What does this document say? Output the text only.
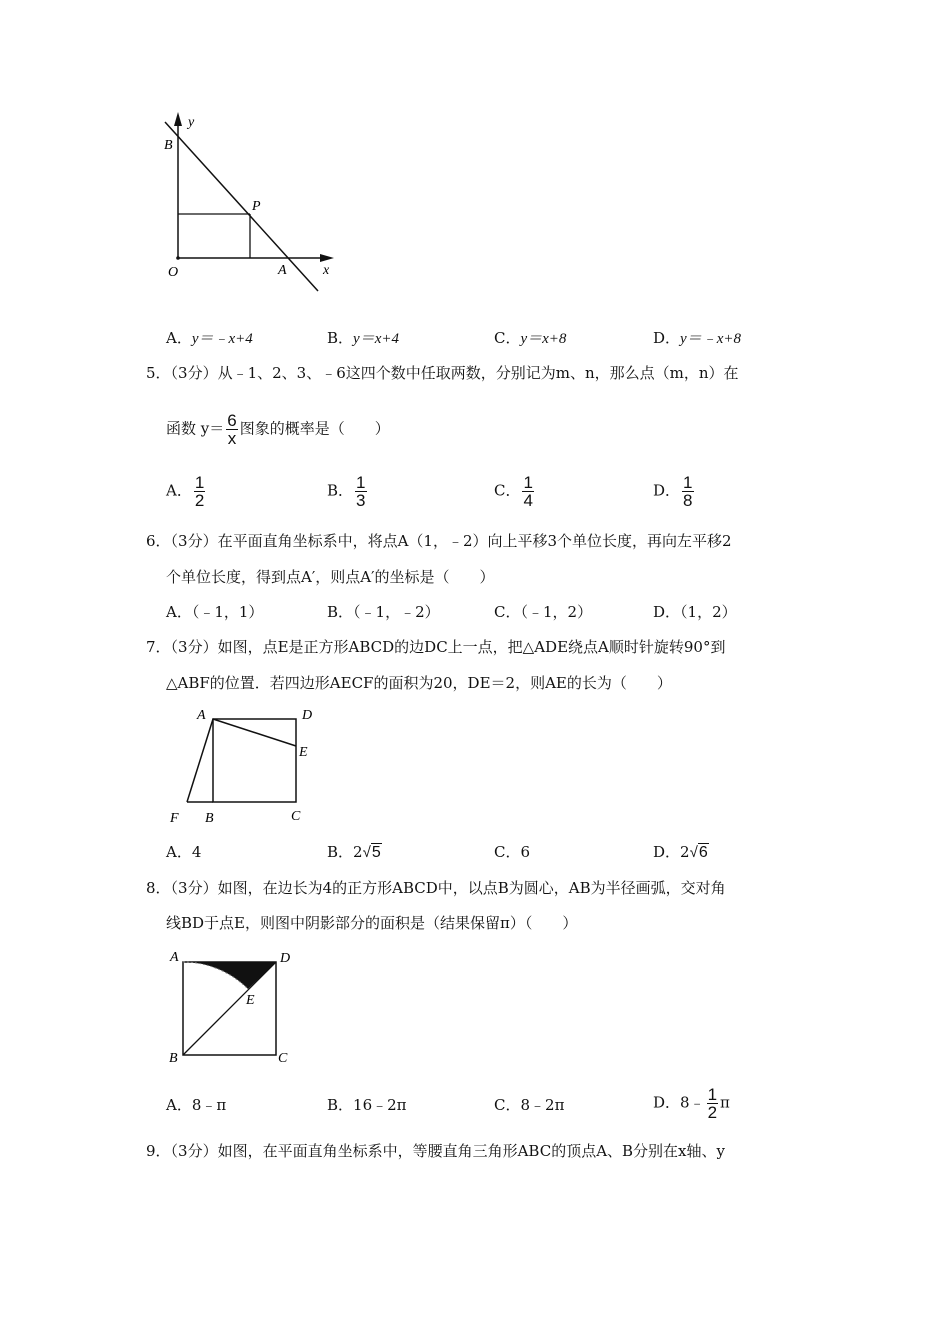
y
B
P
O	A	x
A．y＝﹣x+4	B．y＝x+4	C．y＝x+8	D．y＝﹣x+8
5．（3分）从﹣1、2、3、﹣6这四个数中任取两数，分别记为m、n，那么点（m，n）在
函数 $y= \frac{6}{x}$ 图象的概率是（　　）
A． $\frac{1}{2}$	B． $\frac{1}{3}$	C． $\frac{1}{4}$	D． $\frac{1}{8}$
6．（3分）在平面直角坐标系中，将点A（1，﹣2）向上平移3个单位长度，再向左平移2
个单位长度，得到点A′，则点A′的坐标是（　　）
A．（﹣1，1）	B．（﹣1，﹣2）	C．（﹣1，2）	D．（1，2）
7．（3分）如图，点E是正方形ABCD的边DC上一点，把△ADE绕点A顺时针旋转90°到
△ABF的位置．若四边形AECF的面积为20，DE＝2，则AE的长为（　　）
A	D
E
F B	C
A．4	B．2√5	C．6	D．2√6
8．（3分）如图，在边长为4的正方形ABCD中，以点B为圆心，AB为半径画弧，交对角
线BD于点E，则图中阴影部分的面积是（结果保留π）（　　）
A	D
E
B	C
A．8﹣π	B．16﹣2π	C．8﹣2π	D．8﹣ $\frac{1}{2}$ π
9．（3分）如图，在平面直角坐标系中，等腰直角三角形ABC的顶点A、B分别在x轴、y
